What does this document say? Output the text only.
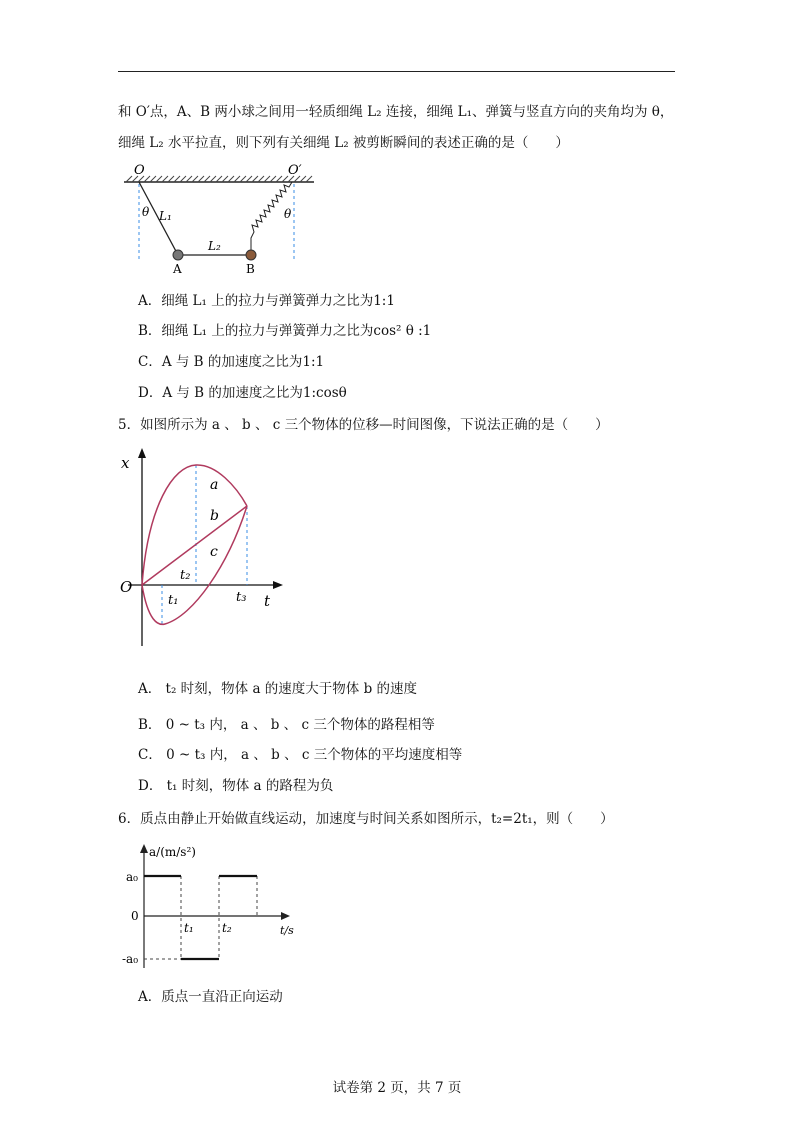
和 O′点，A、B 两小球之间用一轻质细绳 L₂ 连接，细绳 L₁、弹簧与竖直方向的夹角均为 θ，
细绳 L₂ 水平拉直，则下列有关细绳 L₂ 被剪断瞬间的表述正确的是（　　）
O	O′
θ L₁
L₂
θ
A	B
A．细绳 L₁ 上的拉力与弹簧弹力之比为1:1
B．细绳 L₁ 上的拉力与弹簧弹力之比为cos² θ :1
C．A 与 B 的加速度之比为1:1
D．A 与 B 的加速度之比为1:cosθ
5．如图所示为 a 、 b 、 c 三个物体的位移—时间图像，下说法正确的是（　　）
x
t
O
a
b
c
t₂
t₁	t₃
A． t₂ 时刻，物体 a 的速度大于物体 b 的速度
B． 0 ~ t₃ 内， a 、 b 、 c 三个物体的路程相等
C． 0 ~ t₃ 内， a 、 b 、 c 三个物体的平均速度相等
D． t₁ 时刻，物体 a 的路程为负
6．质点由静止开始做直线运动，加速度与时间关系如图所示，t₂=2t₁，则（　　）
a/(m/s²)
t/s
a₀
0
-a₀
t₁ t₂
A．质点一直沿正向运动
试卷第 2 页，共 7 页
